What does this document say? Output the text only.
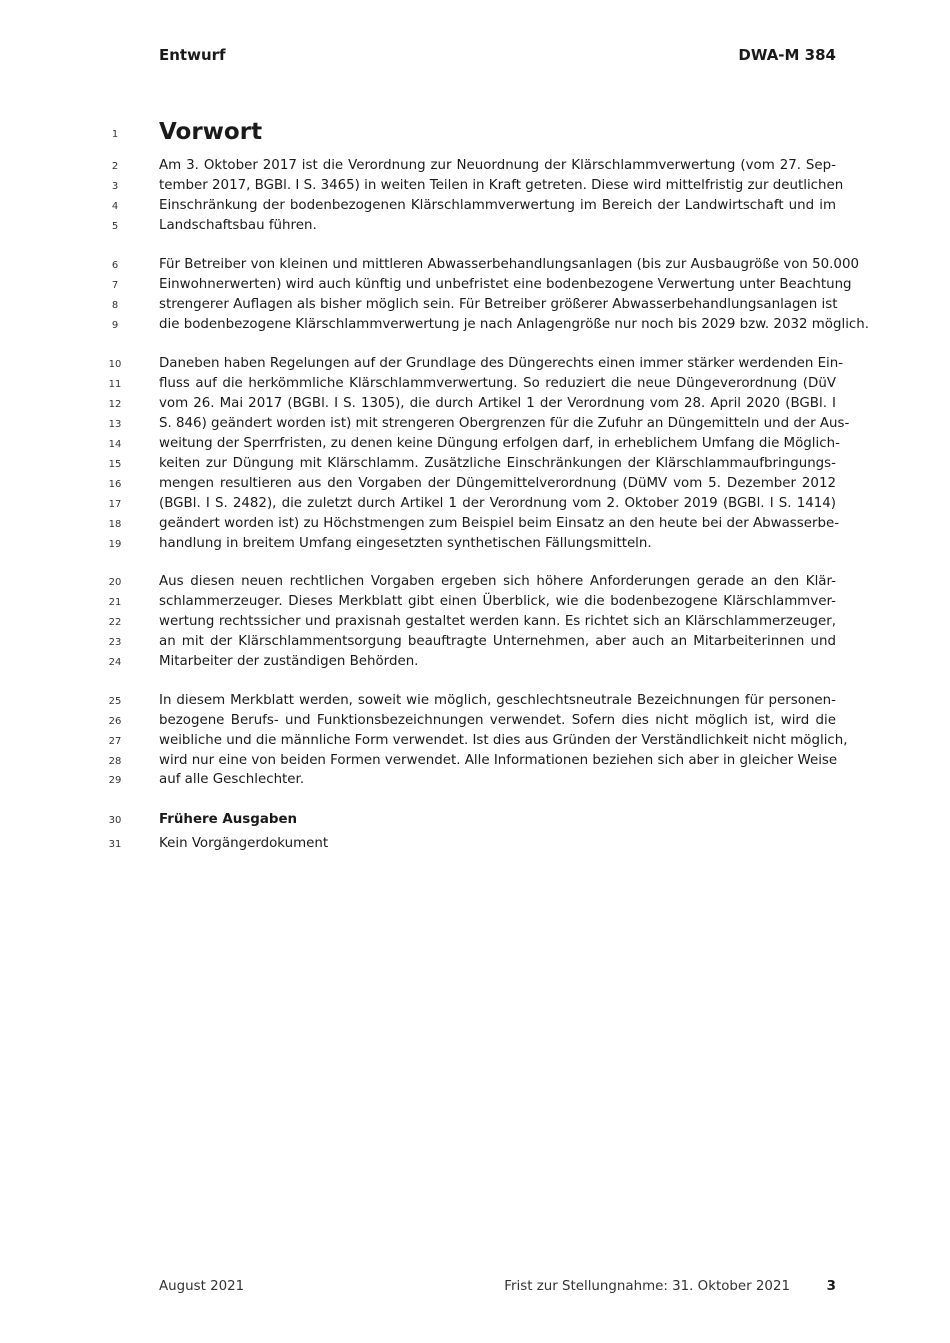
Entwurf	DWA-M 384
1	Vorwort
2	Am 3. Oktober 2017 ist die Verordnung zur Neuordnung der Klärschlammverwertung (vom 27. Sep-
3	tember 2017, BGBl. I S. 3465) in weiten Teilen in Kraft getreten. Diese wird mittelfristig zur deutlichen
4	Einschränkung der bodenbezogenen Klärschlammverwertung im Bereich der Landwirtschaft und im
5	Landschaftsbau führen.
6	Für Betreiber von kleinen und mittleren Abwasserbehandlungsanlagen (bis zur Ausbaugröße von 50.000
7	Einwohnerwerten) wird auch künftig und unbefristet eine bodenbezogene Verwertung unter Beachtung
8	strengerer Auflagen als bisher möglich sein. Für Betreiber größerer Abwasserbehandlungsanlagen ist
9	die bodenbezogene Klärschlammverwertung je nach Anlagengröße nur noch bis 2029 bzw. 2032 möglich.
10	Daneben haben Regelungen auf der Grundlage des Düngerechts einen immer stärker werdenden Ein-
11	fluss auf die herkömmliche Klärschlammverwertung. So reduziert die neue Düngeverordnung (DüV
12	vom 26. Mai 2017 (BGBl. I S. 1305), die durch Artikel 1 der Verordnung vom 28. April 2020 (BGBl. I
13	S. 846) geändert worden ist) mit strengeren Obergrenzen für die Zufuhr an Düngemitteln und der Aus-
14	weitung der Sperrfristen, zu denen keine Düngung erfolgen darf, in erheblichem Umfang die Möglich-
15	keiten zur Düngung mit Klärschlamm. Zusätzliche Einschränkungen der Klärschlammaufbringungs-
16	mengen resultieren aus den Vorgaben der Düngemittelverordnung (DüMV vom 5. Dezember 2012
17	(BGBl. I S. 2482), die zuletzt durch Artikel 1 der Verordnung vom 2. Oktober 2019 (BGBl. I S. 1414)
18	geändert worden ist) zu Höchstmengen zum Beispiel beim Einsatz an den heute bei der Abwasserbe-
19	handlung in breitem Umfang eingesetzten synthetischen Fällungsmitteln.
20	Aus diesen neuen rechtlichen Vorgaben ergeben sich höhere Anforderungen gerade an den Klär-
21	schlammerzeuger. Dieses Merkblatt gibt einen Überblick, wie die bodenbezogene Klärschlammver-
22	wertung rechtssicher und praxisnah gestaltet werden kann. Es richtet sich an Klärschlammerzeuger,
23	an mit der Klärschlammentsorgung beauftragte Unternehmen, aber auch an Mitarbeiterinnen und
24	Mitarbeiter der zuständigen Behörden.
25	In diesem Merkblatt werden, soweit wie möglich, geschlechtsneutrale Bezeichnungen für personen-
26	bezogene Berufs- und Funktionsbezeichnungen verwendet. Sofern dies nicht möglich ist, wird die
27	weibliche und die männliche Form verwendet. Ist dies aus Gründen der Verständlichkeit nicht möglich,
28	wird nur eine von beiden Formen verwendet. Alle Informationen beziehen sich aber in gleicher Weise
29	auf alle Geschlechter.
30	Frühere Ausgaben
31	Kein Vorgängerdokument
August 2021	Frist zur Stellungnahme: 31. Oktober 2021	3
